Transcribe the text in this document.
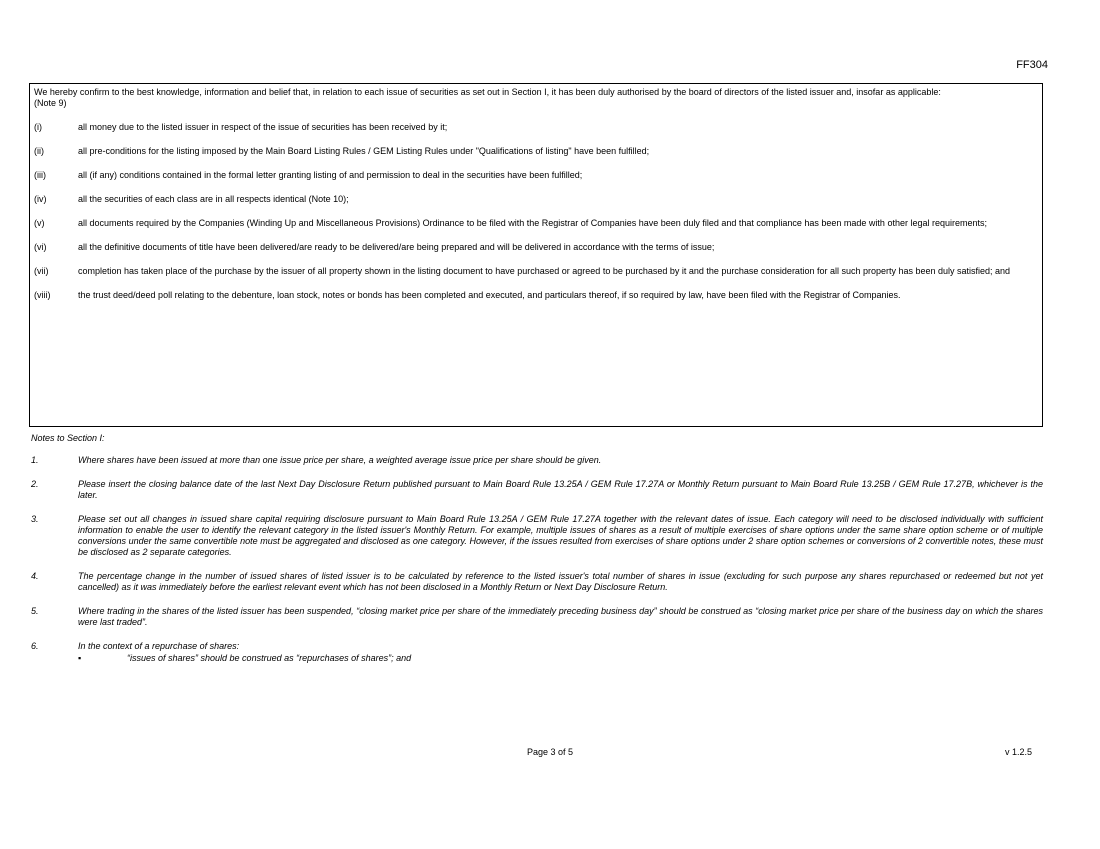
FF304

We hereby confirm to the best knowledge, information and belief that, in relation to each issue of securities as set out in Section I, it has been duly authorised by the board of directors of the listed issuer and, insofar as applicable:
(Note 9)

(i)	all money due to the listed issuer in respect of the issue of securities has been received by it;
(ii)	all pre-conditions for the listing imposed by the Main Board Listing Rules / GEM Listing Rules under "Qualifications of listing" have been fulfilled;
(iii)	all (if any) conditions contained in the formal letter granting listing of and permission to deal in the securities have been fulfilled;
(iv)	all the securities of each class are in all respects identical (Note 10);
(v)	all documents required by the Companies (Winding Up and Miscellaneous Provisions) Ordinance to be filed with the Registrar of Companies have been duly filed and that compliance has been made with other legal requirements;
(vi)	all the definitive documents of title have been delivered/are ready to be delivered/are being prepared and will be delivered in accordance with the terms of issue;
(vii)	completion has taken place of the purchase by the issuer of all property shown in the listing document to have purchased or agreed to be purchased by it and the purchase consideration for all such property has been duly satisfied; and
(viii)	the trust deed/deed poll relating to the debenture, loan stock, notes or bonds has been completed and executed, and particulars thereof, if so required by law, have been filed with the Registrar of Companies.
Notes to Section I:
1.	Where shares have been issued at more than one issue price per share, a weighted average issue price per share should be given.
2.	Please insert the closing balance date of the last Next Day Disclosure Return published pursuant to Main Board Rule 13.25A / GEM Rule 17.27A or Monthly Return pursuant to Main Board Rule 13.25B / GEM Rule 17.27B, whichever is the later.
3.	Please set out all changes in issued share capital requiring disclosure pursuant to Main Board Rule 13.25A / GEM Rule 17.27A together with the relevant dates of issue. Each category will need to be disclosed individually with sufficient information to enable the user to identify the relevant category in the listed issuer's Monthly Return. For example, multiple issues of shares as a result of multiple exercises of share options under the same share option scheme or of multiple conversions under the same convertible note must be aggregated and disclosed as one category. However, if the issues resulted from exercises of share options under 2 share option schemes or conversions of 2 convertible notes, these must be disclosed as 2 separate categories.
4.	The percentage change in the number of issued shares of listed issuer is to be calculated by reference to the listed issuer's total number of shares in issue (excluding for such purpose any shares repurchased or redeemed but not yet cancelled) as it was immediately before the earliest relevant event which has not been disclosed in a Monthly Return or Next Day Disclosure Return.
5.	Where trading in the shares of the listed issuer has been suspended, “closing market price per share of the immediately preceding business day” should be construed as “closing market price per share of the business day on which the shares were last traded”.
6.	In the context of a repurchase of shares:
▪	“issues of shares” should be construed as “repurchases of shares”; and
Page 3 of 5	v 1.2.5
